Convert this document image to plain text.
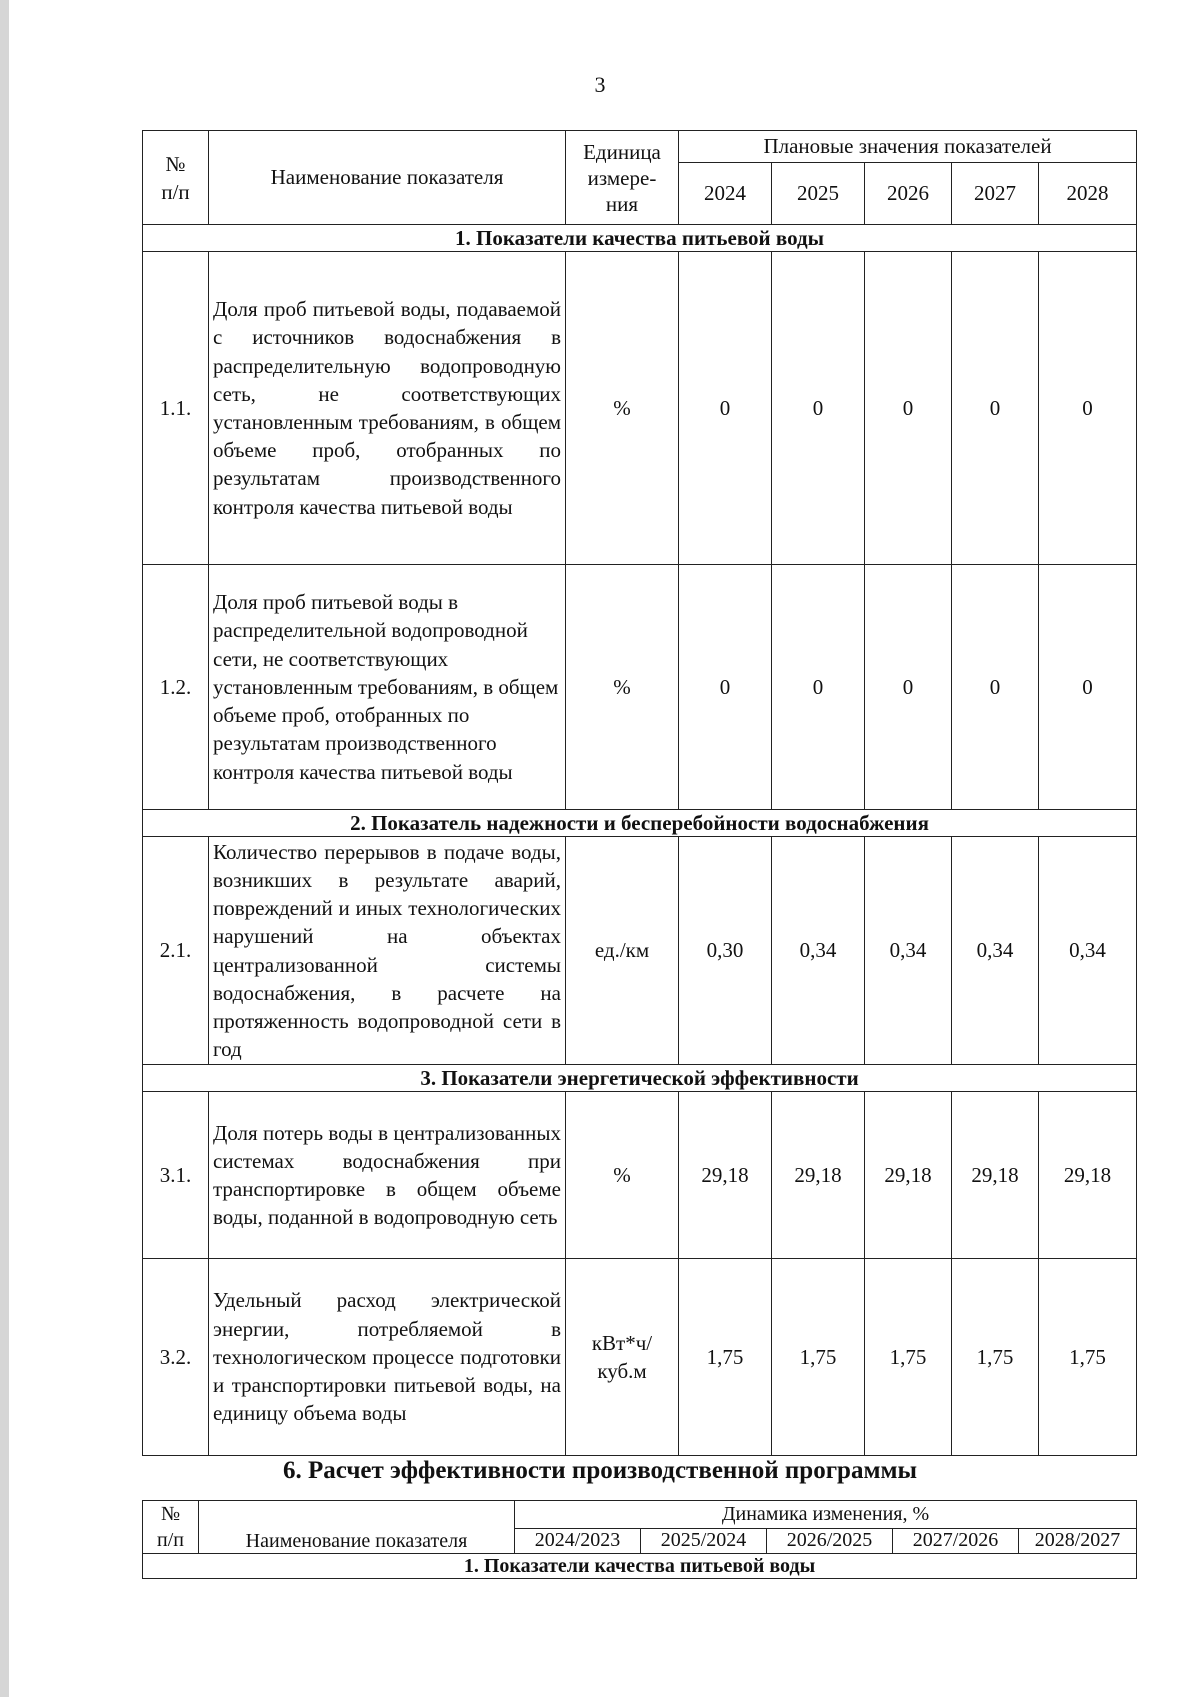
3
№
п/п	Наименование показателя	Единица
измере-
ния	Плановые значения показателей				
			2024	2025	2026	2027	2028
1. Показатели качества питьевой воды							
1.1.	Доля проб питьевой воды, подаваемой с источников водоснабжения в распределительную водопроводную сеть, не соответствующих установленным требованиям, в общем объеме проб, отобранных по результатам производственного контроля качества питьевой воды	%	0	0	0	0	0
1.2.	Доля проб питьевой воды в распределительной водопроводной сети, не соответствующих установленным требованиям, в общем объеме проб, отобранных по результатам производственного контроля качества питьевой воды	%	0	0	0	0	0
2. Показатель надежности и бесперебойности водоснабжения							
2.1.	Количество перерывов в подаче воды, возникших в результате аварий, повреждений и иных технологических нарушений на объектах централизованной системы водоснабжения, в расчете на протяженность водопроводной сети в год	ед./км	0,30	0,34	0,34	0,34	0,34
3. Показатели энергетической эффективности							
3.1.	Доля потерь воды в централизованных системах водоснабжения при транспортировке в общем объеме воды, поданной в водопроводную сеть	%	29,18	29,18	29,18	29,18	29,18
3.2.	Удельный расход электрической энергии, потребляемой в технологическом процессе подготовки и транспортировки питьевой воды, на единицу объема воды	кВт*ч/
куб.м	1,75	1,75	1,75	1,75	1,75
6. Расчет эффективности производственной программы
№
п/п	Наименование показателя	Динамика изменения, %				
		2024/2023	2025/2024	2026/2025	2027/2026	2028/2027
1. Показатели качества питьевой воды						
